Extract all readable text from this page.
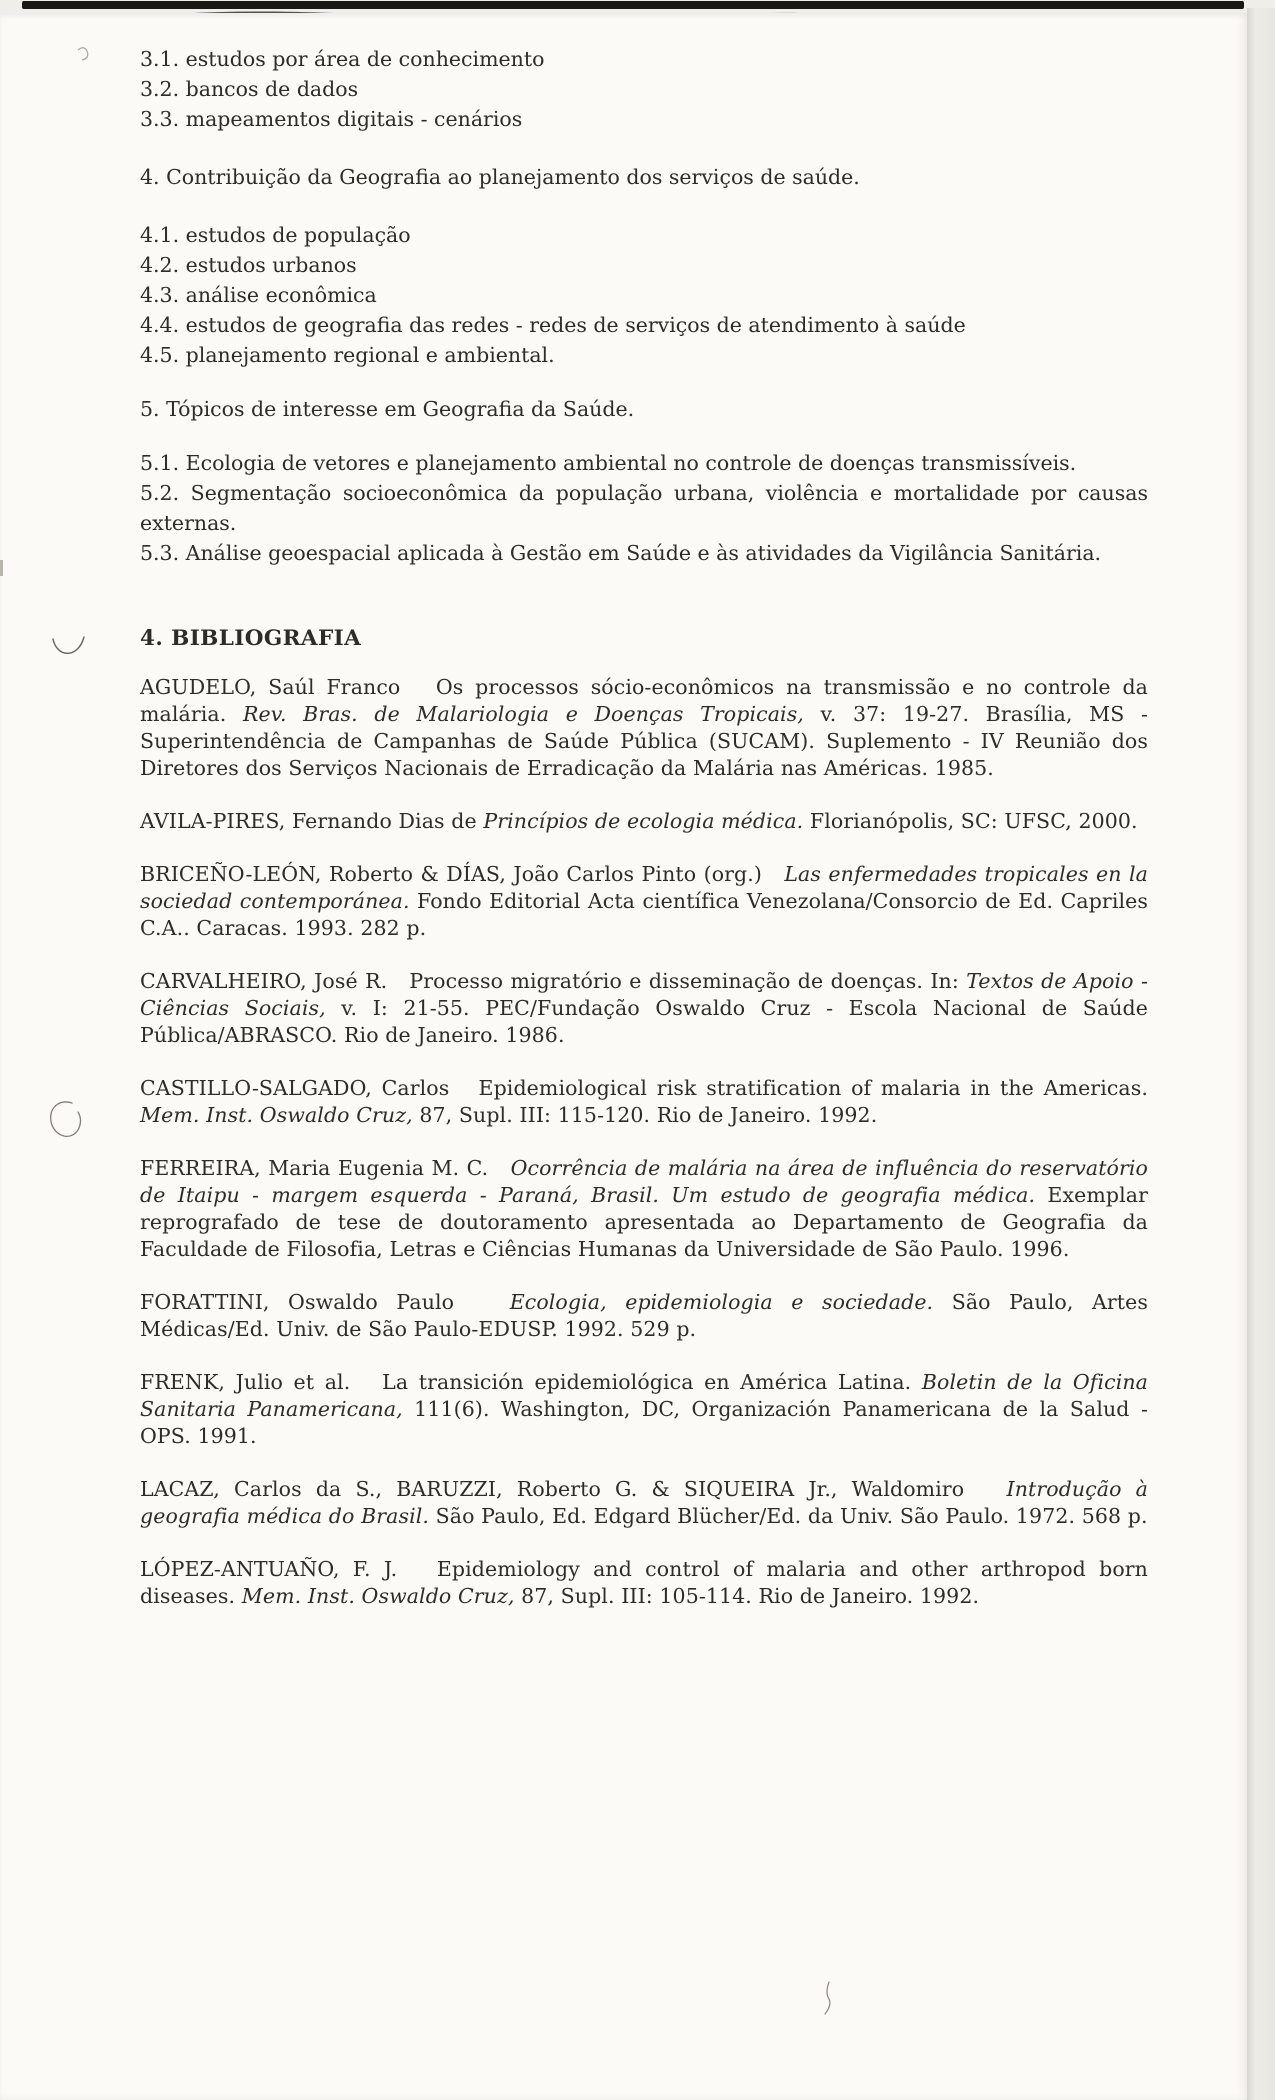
3.1. estudos por área de conhecimento
3.2. bancos de dados
3.3. mapeamentos digitais - cenários
4. Contribuição da Geografia ao planejamento dos serviços de saúde.
4.1. estudos de população
4.2. estudos urbanos
4.3. análise econômica
4.4. estudos de geografia das redes - redes de serviços de atendimento à saúde
4.5. planejamento regional e ambiental.
5. Tópicos de interesse em Geografia da Saúde.

5.1. Ecologia de vetores e planejamento ambiental no controle de doenças transmissíveis.

5.2. Segmentação socioeconômica da população urbana, violência e mortalidade por causas externas.

5.3. Análise geoespacial aplicada à Gestão em Saúde e às atividades da Vigilância Sanitária.

4. BIBLIOGRAFIA

AGUDELO, Saúl Franco   Os processos sócio-econômicos na transmissão e no controle da malária. Rev. Bras. de Malariologia e Doenças Tropicais, v. 37: 19-27. Brasília, MS - Superintendência de Campanhas de Saúde Pública (SUCAM). Suplemento - IV Reunião dos Diretores dos Serviços Nacionais de Erradicação da Malária nas Américas. 1985.

AVILA-PIRES, Fernando Dias de Princípios de ecologia médica. Florianópolis, SC: UFSC, 2000.

BRICEÑO-LEÓN, Roberto & DÍAS, João Carlos Pinto (org.)   Las enfermedades tropicales en la sociedad contemporánea. Fondo Editorial Acta científica Venezolana/Consorcio de Ed. Capriles C.A.. Caracas. 1993. 282 p.

CARVALHEIRO, José R.   Processo migratório e disseminação de doenças. In: Textos de Apoio - Ciências Sociais, v. I: 21-55. PEC/Fundação Oswaldo Cruz - Escola Nacional de Saúde Pública/ABRASCO. Rio de Janeiro. 1986.

CASTILLO-SALGADO, Carlos   Epidemiological risk stratification of malaria in the Americas. Mem. Inst. Oswaldo Cruz, 87, Supl. III: 115-120. Rio de Janeiro. 1992.

FERREIRA, Maria Eugenia M. C.   Ocorrência de malária na área de influência do reservatório de Itaipu - margem esquerda - Paraná, Brasil. Um estudo de geografia médica. Exemplar reprografado de tese de doutoramento apresentada ao Departamento de Geografia da Faculdade de Filosofia, Letras e Ciências Humanas da Universidade de São Paulo. 1996.

FORATTINI, Oswaldo Paulo   Ecologia, epidemiologia e sociedade. São Paulo, Artes Médicas/Ed. Univ. de São Paulo-EDUSP. 1992. 529 p.

FRENK, Julio et al.   La transición epidemiológica en América Latina. Boletin de la Oficina Sanitaria Panamericana, 111(6). Washington, DC, Organización Panamericana de la Salud - OPS. 1991.

LACAZ, Carlos da S., BARUZZI, Roberto G. & SIQUEIRA Jr., Waldomiro   Introdução à geografia médica do Brasil. São Paulo, Ed. Edgard Blücher/Ed. da Univ. São Paulo. 1972. 568 p.

LÓPEZ-ANTUAÑO, F. J.   Epidemiology and control of malaria and other arthropod born diseases. Mem. Inst. Oswaldo Cruz, 87, Supl. III: 105-114. Rio de Janeiro. 1992.
